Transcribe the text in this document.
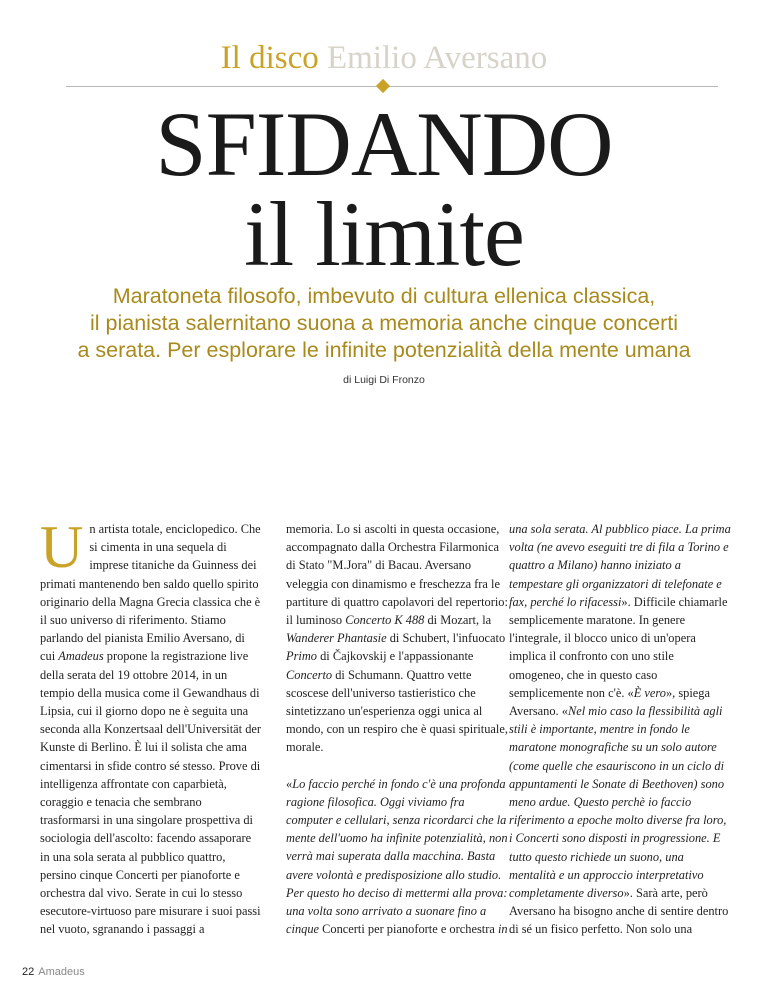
Il disco Emilio Aversano
SFIDANDO
il limite
Maratoneta filosofo, imbevuto di cultura ellenica classica,
il pianista salernitano suona a memoria anche cinque concerti
a serata. Per esplorare le infinite potenzialità della mente umana
di Luigi Di Fronzo
U n artista totale, enciclopedico. Che si cimenta in una sequela di imprese titaniche da Guinness dei primati mantenendo ben saldo quello spirito originario della Magna Grecia classica che è il suo universo di riferimento. Stiamo parlando del pianista Emilio Aversano, di cui Amadeus propone la registrazione live della serata del 19 ottobre 2014, in un tempio della musica come il Gewandhaus di Lipsia, cui il giorno dopo ne è seguita una seconda alla Konzertsaal dell'Universität der Kunste di Berlino. È lui il solista che ama cimentarsi in sfide contro sé stesso. Prove di intelligenza affrontate con caparbietà, coraggio e tenacia che sembrano trasformarsi in una singolare prospettiva di sociologia dell'ascolto: facendo assaporare in una sola serata al pubblico quattro, persino cinque Concerti per pianoforte e orchestra dal vivo. Serate in cui lo stesso esecutore-virtuoso pare misurare i suoi passi nel vuoto, sgranando i passaggi a

memoria. Lo si ascolti in questa occasione, accompagnato dalla Orchestra Filarmonica di Stato "M.Jora" di Bacau. Aversano veleggia con dinamismo e freschezza fra le partiture di quattro capolavori del repertorio: il luminoso Concerto K 488 di Mozart, la Wanderer Phantasie di Schubert, l'infuocato Primo di Čajkovskij e l'appassionante Concerto di Schumann. Quattro vette scoscese dell'universo tastieristico che sintetizzano un'esperienza oggi unica al mondo, con un respiro che è quasi spirituale, morale.

«Lo faccio perché in fondo c'è una profonda ragione filosofica. Oggi viviamo fra computer e cellulari, senza ricordarci che la mente dell'uomo ha infinite potenzialità, non verrà mai superata dalla macchina. Basta avere volontà e predisposizione allo studio. Per questo ho deciso di mettermi alla prova: una volta sono arrivato a suonare fino a cinque Concerti per pianoforte e orchestra in

una sola serata. Al pubblico piace. La prima volta (ne avevo eseguiti tre di fila a Torino e quattro a Milano) hanno iniziato a tempestare gli organizzatori di telefonate e fax, perché lo rifacessi». Difficile chiamarle semplicemente maratone. In genere l'integrale, il blocco unico di un'opera implica il confronto con uno stile omogeneo, che in questo caso semplicemente non c'è. «È vero», spiega Aversano. «Nel mio caso la flessibilità agli stili è importante, mentre in fondo le maratone monografiche su un solo autore (come quelle che esauriscono in un ciclo di appuntamenti le Sonate di Beethoven) sono meno ardue. Questo perchè io faccio riferimento a epoche molto diverse fra loro, i Concerti sono disposti in progressione. E tutto questo richiede un suono, una mentalità e un approccio interpretativo completamente diverso». Sarà arte, però Aversano ha bisogno anche di sentire dentro di sé un fisico perfetto. Non solo una

22 Amadeus
